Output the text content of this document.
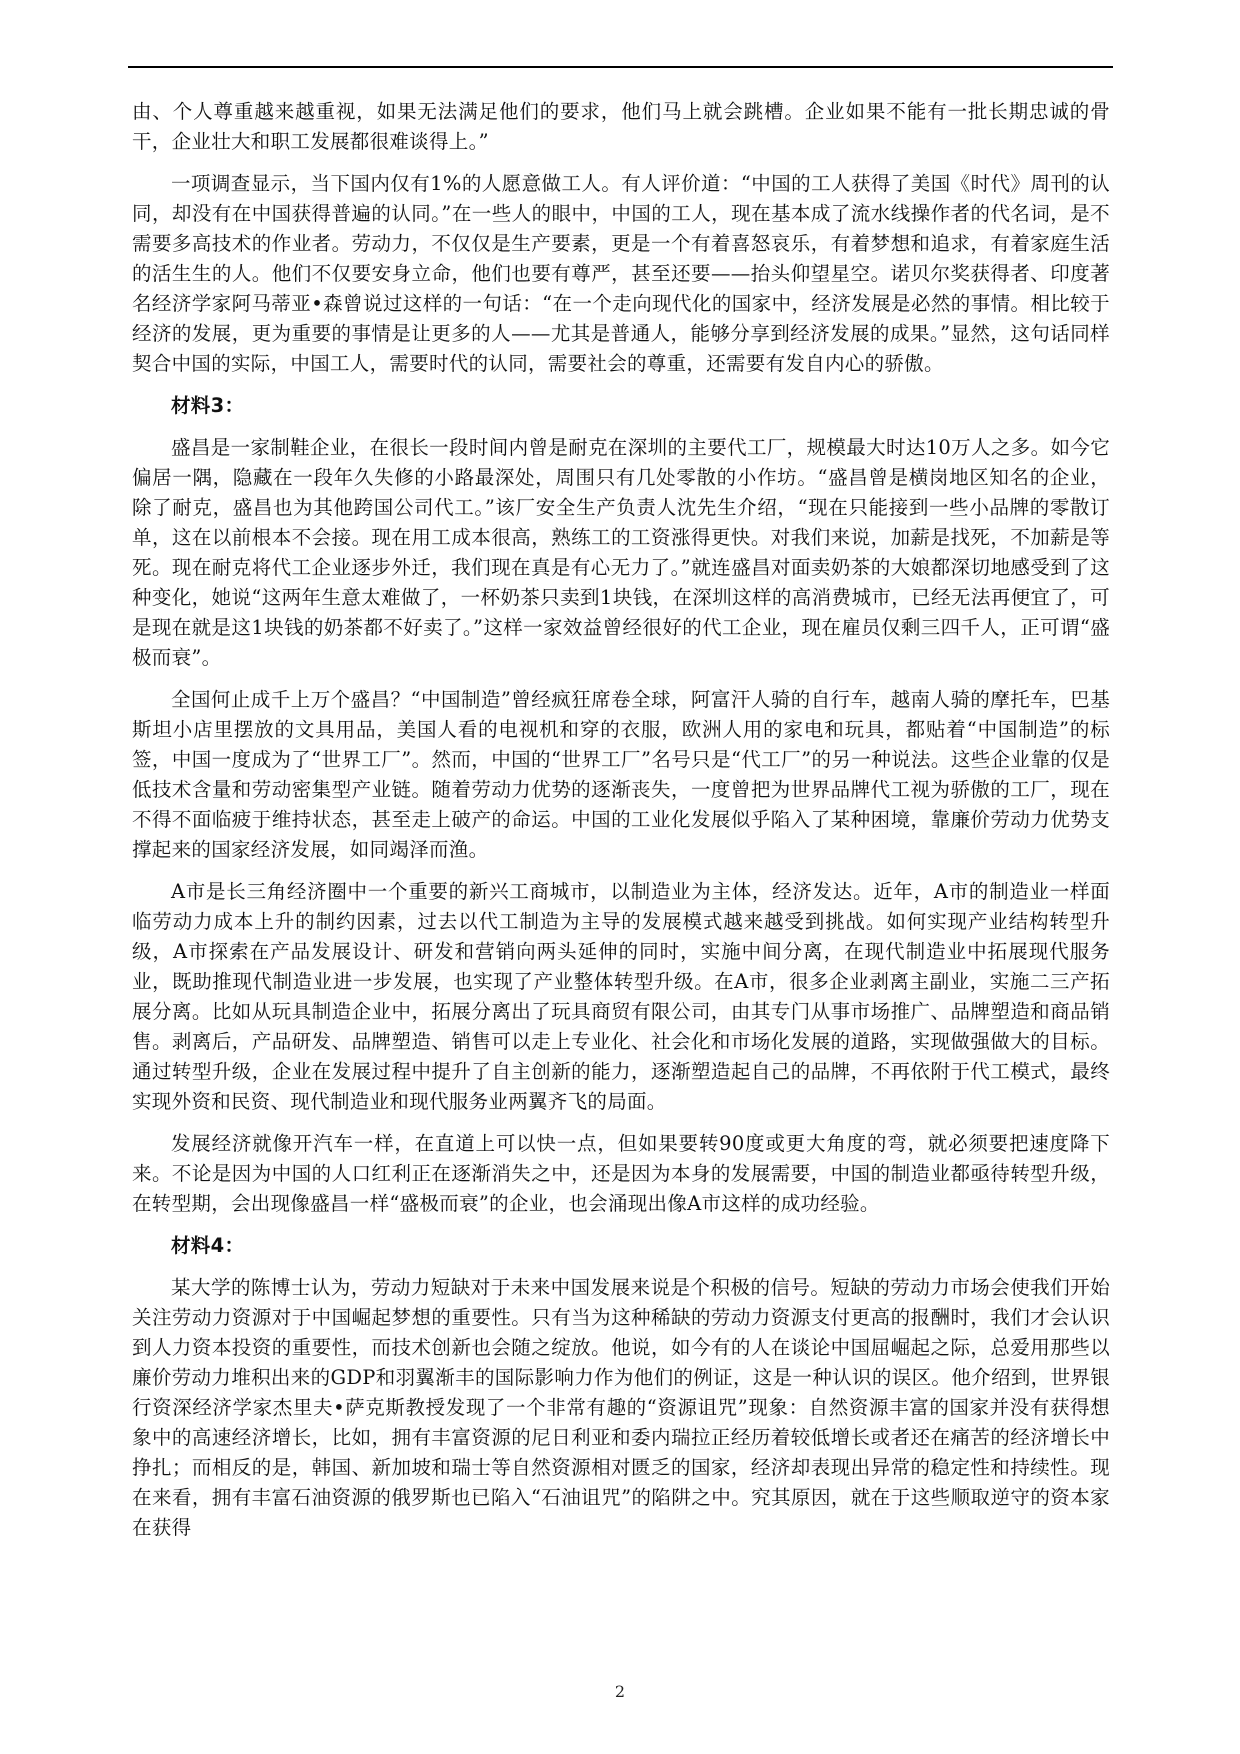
由、个人尊重越来越重视，如果无法满足他们的要求，他们马上就会跳槽。企业如果不能有一批长期忠诚的骨干，企业壮大和职工发展都很难谈得上。”

一项调查显示，当下国内仅有1%的人愿意做工人。有人评价道：“中国的工人获得了美国《时代》周刊的认同，却没有在中国获得普遍的认同。”在一些人的眼中，中国的工人，现在基本成了流水线操作者的代名词，是不需要多高技术的作业者。劳动力，不仅仅是生产要素，更是一个有着喜怒哀乐，有着梦想和追求，有着家庭生活的活生生的人。他们不仅要安身立命，他们也要有尊严，甚至还要——抬头仰望星空。诺贝尔奖获得者、印度著名经济学家阿马蒂亚•森曾说过这样的一句话：“在一个走向现代化的国家中，经济发展是必然的事情。相比较于经济的发展，更为重要的事情是让更多的人——尤其是普通人，能够分享到经济发展的成果。”显然，这句话同样契合中国的实际，中国工人，需要时代的认同，需要社会的尊重，还需要有发自内心的骄傲。

材料3：

盛昌是一家制鞋企业，在很长一段时间内曾是耐克在深圳的主要代工厂，规模最大时达10万人之多。如今它偏居一隅，隐藏在一段年久失修的小路最深处，周围只有几处零散的小作坊。“盛昌曾是横岗地区知名的企业，除了耐克，盛昌也为其他跨国公司代工。”该厂安全生产负责人沈先生介绍，“现在只能接到一些小品牌的零散订单，这在以前根本不会接。现在用工成本很高，熟练工的工资涨得更快。对我们来说，加薪是找死，不加薪是等死。现在耐克将代工企业逐步外迁，我们现在真是有心无力了。”就连盛昌对面卖奶茶的大娘都深切地感受到了这种变化，她说“这两年生意太难做了，一杯奶茶只卖到1块钱，在深圳这样的高消费城市，已经无法再便宜了，可是现在就是这1块钱的奶茶都不好卖了。”这样一家效益曾经很好的代工企业，现在雇员仅剩三四千人，正可谓“盛极而衰”。

全国何止成千上万个盛昌？“中国制造”曾经疯狂席卷全球，阿富汗人骑的自行车，越南人骑的摩托车，巴基斯坦小店里摆放的文具用品，美国人看的电视机和穿的衣服，欧洲人用的家电和玩具，都贴着“中国制造”的标签，中国一度成为了“世界工厂”。然而，中国的“世界工厂”名号只是“代工厂”的另一种说法。这些企业靠的仅是低技术含量和劳动密集型产业链。随着劳动力优势的逐渐丧失，一度曾把为世界品牌代工视为骄傲的工厂，现在不得不面临疲于维持状态，甚至走上破产的命运。中国的工业化发展似乎陷入了某种困境，靠廉价劳动力优势支撑起来的国家经济发展，如同竭泽而渔。

A市是长三角经济圈中一个重要的新兴工商城市，以制造业为主体，经济发达。近年，A市的制造业一样面临劳动力成本上升的制约因素，过去以代工制造为主导的发展模式越来越受到挑战。如何实现产业结构转型升级，A市探索在产品发展设计、研发和营销向两头延伸的同时，实施中间分离，在现代制造业中拓展现代服务业，既助推现代制造业进一步发展，也实现了产业整体转型升级。在A市，很多企业剥离主副业，实施二三产拓展分离。比如从玩具制造企业中，拓展分离出了玩具商贸有限公司，由其专门从事市场推广、品牌塑造和商品销售。剥离后，产品研发、品牌塑造、销售可以走上专业化、社会化和市场化发展的道路，实现做强做大的目标。通过转型升级，企业在发展过程中提升了自主创新的能力，逐渐塑造起自己的品牌，不再依附于代工模式，最终实现外资和民资、现代制造业和现代服务业两翼齐飞的局面。

发展经济就像开汽车一样，在直道上可以快一点，但如果要转90度或更大角度的弯，就必须要把速度降下来。不论是因为中国的人口红利正在逐渐消失之中，还是因为本身的发展需要，中国的制造业都亟待转型升级，在转型期，会出现像盛昌一样“盛极而衰”的企业，也会涌现出像A市这样的成功经验。

材料4：

某大学的陈博士认为，劳动力短缺对于未来中国发展来说是个积极的信号。短缺的劳动力市场会使我们开始关注劳动力资源对于中国崛起梦想的重要性。只有当为这种稀缺的劳动力资源支付更高的报酬时，我们才会认识到人力资本投资的重要性，而技术创新也会随之绽放。他说，如今有的人在谈论中国屈崛起之际，总爱用那些以廉价劳动力堆积出来的GDP和羽翼渐丰的国际影响力作为他们的例证，这是一种认识的误区。他介绍到，世界银行资深经济学家杰里夫•萨克斯教授发现了一个非常有趣的“资源诅咒”现象：自然资源丰富的国家并没有获得想象中的高速经济增长，比如，拥有丰富资源的尼日利亚和委内瑞拉正经历着较低增长或者还在痛苦的经济增长中挣扎；而相反的是，韩国、新加坡和瑞士等自然资源相对匮乏的国家，经济却表现出异常的稳定性和持续性。现在来看，拥有丰富石油资源的俄罗斯也已陷入“石油诅咒”的陷阱之中。究其原因，就在于这些顺取逆守的资本家在获得

2
